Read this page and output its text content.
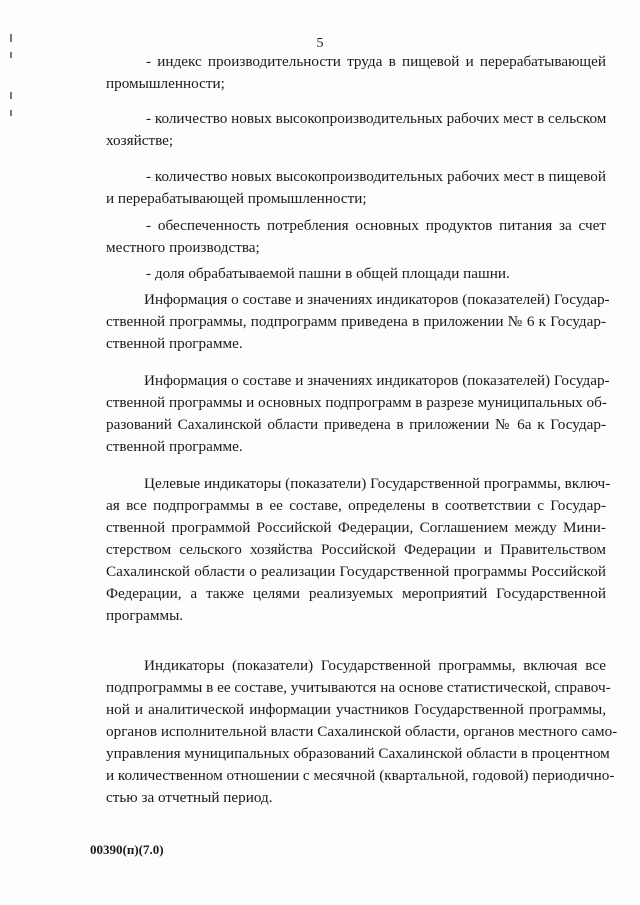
5
- индекс производительности труда в пищевой и перерабатывающей
промышленности;
- количество новых высокопроизводительных рабочих мест в сельском
хозяйстве;
- количество новых высокопроизводительных рабочих мест в пищевой
и перерабатывающей промышленности;
- обеспеченность потребления основных продуктов питания за счет
местного производства;
- доля обрабатываемой пашни в общей площади пашни.
Информация о составе и значениях индикаторов (показателей) Государ-
ственной программы, подпрограмм приведена в приложении № 6 к Государ-
ственной программе.
Информация о составе и значениях индикаторов (показателей) Государ-
ственной программы и основных подпрограмм в разрезе муниципальных об-
разований Сахалинской области приведена в приложении № 6а к Государ-
ственной программе.
Целевые индикаторы (показатели) Государственной программы, включ-
ая все подпрограммы в ее составе, определены в соответствии с Государ-
ственной программой Российской Федерации, Соглашением между Мини-
стерством сельского хозяйства Российской Федерации и Правительством
Сахалинской области о реализации Государственной программы Российской
Федерации, а также целями реализуемых мероприятий Государственной
программы.
Индикаторы (показатели) Государственной программы, включая все
подпрограммы в ее составе, учитываются на основе статистической, справоч-
ной и аналитической информации участников Государственной программы,
органов исполнительной власти Сахалинской области, органов местного само-
управления муниципальных образований Сахалинской области в процентном
и количественном отношении с месячной (квартальной, годовой) периодично-
стью за отчетный период.
00390(п)(7.0)
